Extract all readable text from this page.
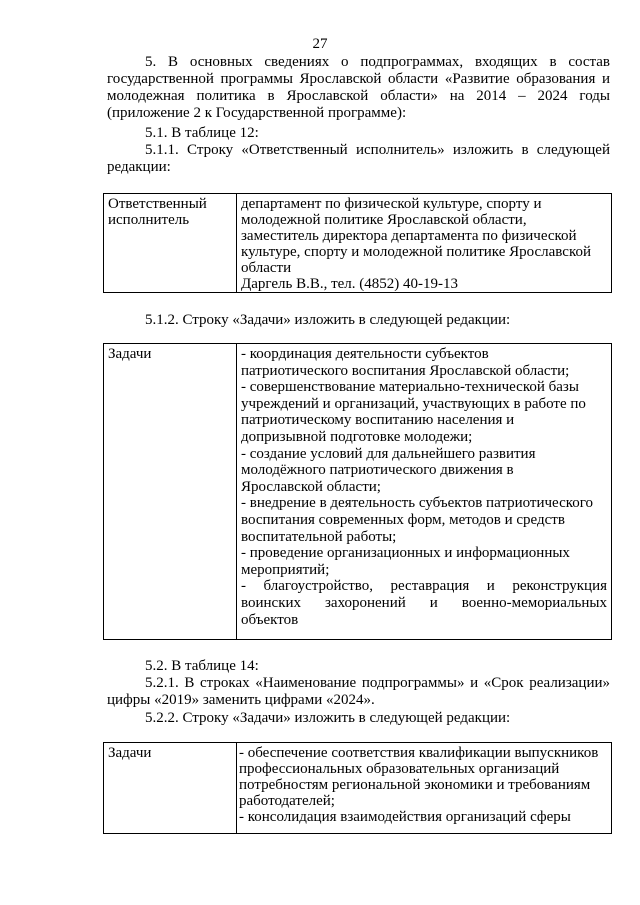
27
5. В основных сведениях о подпрограммах, входящих в состав государственной программы Ярославской области «Развитие образования и молодежная политика в Ярославской области» на 2014 – 2024 годы (приложение 2 к Государственной программе):
5.1. В таблице 12:
5.1.1. Строку «Ответственный исполнитель» изложить в следующей редакции:
Ответственный
исполнитель
департамент по физической культуре, спорту и
молодежной политике Ярославской области,
заместитель директора департамента по физической
культуре, спорту и молодежной политике Ярославской
области
Даргель В.В., тел. (4852) 40-19-13
5.1.2. Строку «Задачи» изложить в следующей редакции:
Задачи	- координация деятельности субъектов
патриотического воспитания Ярославской области;
- совершенствование материально-технической базы
учреждений и организаций, участвующих в работе по
патриотическому воспитанию населения и
допризывной подготовке молодежи;
- создание условий для дальнейшего развития
молодёжного патриотического движения в
Ярославской области;
- внедрение в деятельность субъектов патриотического
воспитания современных форм, методов и средств
воспитательной работы;
- проведение организационных и информационных
мероприятий;
- благоустройство, реставрация и реконструкция
воинских захоронений и военно-мемориальных
объектов
5.2. В таблице 14:
5.2.1. В строках «Наименование подпрограммы» и «Срок реализации» цифры «2019» заменить цифрами «2024».
5.2.2. Строку «Задачи» изложить в следующей редакции:
Задачи	- обеспечение соответствия квалификации выпускников
профессиональных образовательных организаций
потребностям региональной экономики и требованиям
работодателей;
- консолидация взаимодействия организаций сферы
